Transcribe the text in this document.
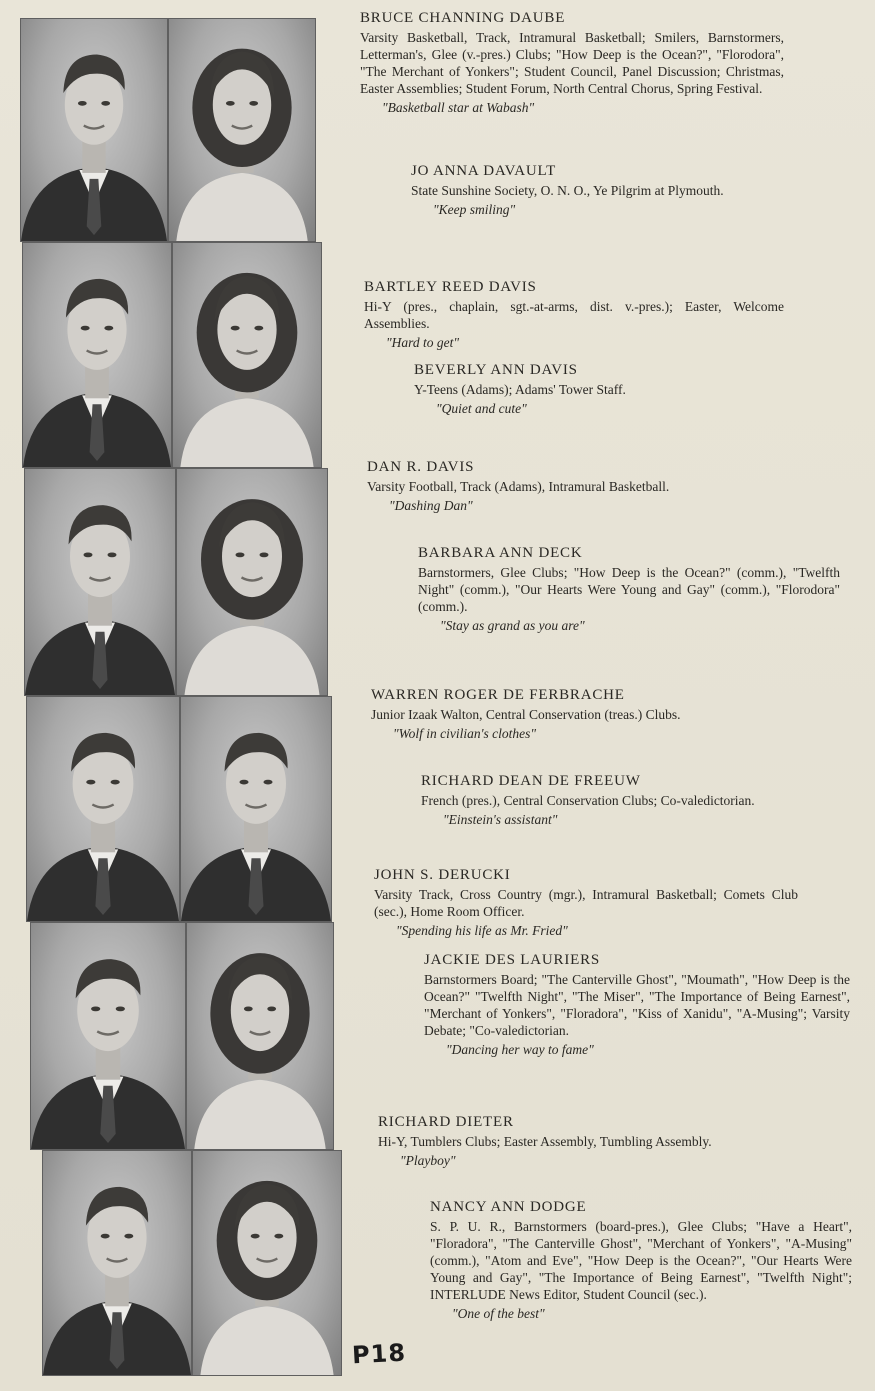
BRUCE CHANNING DAUBE

Varsity Basketball, Track, Intramural Basketball; Smilers, Barnstormers, Letterman's, Glee (v.-pres.) Clubs; "How Deep is the Ocean?", "Florodora", "The Merchant of Yonkers"; Student Council, Panel Discussion; Christmas, Easter Assemblies; Student Forum, North Central Chorus, Spring Festival.

"Basketball star at Wabash"
JO ANNA DAVAULT

State Sunshine Society, O. N. O., Ye Pilgrim at Plymouth.

"Keep smiling"
BARTLEY REED DAVIS

Hi-Y (pres., chaplain, sgt.-at-arms, dist. v.-pres.); Easter, Welcome Assemblies.

"Hard to get"
BEVERLY ANN DAVIS

Y-Teens (Adams); Adams' Tower Staff.

"Quiet and cute"
DAN R. DAVIS

Varsity Football, Track (Adams), Intramural Basketball.

"Dashing Dan"
BARBARA ANN DECK

Barnstormers, Glee Clubs; "How Deep is the Ocean?" (comm.), "Twelfth Night" (comm.), "Our Hearts Were Young and Gay" (comm.), "Florodora" (comm.).

"Stay as grand as you are"
WARREN ROGER DE FERBRACHE

Junior Izaak Walton, Central Conservation (treas.) Clubs.

"Wolf in civilian's clothes"
RICHARD DEAN DE FREEUW

French (pres.), Central Conservation Clubs; Co-valedictorian.

"Einstein's assistant"
JOHN S. DERUCKI

Varsity Track, Cross Country (mgr.), Intramural Basketball; Comets Club (sec.), Home Room Officer.

"Spending his life as Mr. Fried"
JACKIE DES LAURIERS

Barnstormers Board; "The Canterville Ghost", "Moumath", "How Deep is the Ocean?" "Twelfth Night", "The Miser", "The Importance of Being Earnest", "Merchant of Yonkers", "Floradora", "Kiss of Xanidu", "A-Musing"; Varsity Debate; "Co-valedictorian.

"Dancing her way to fame"
RICHARD DIETER

Hi-Y, Tumblers Clubs; Easter Assembly, Tumbling Assembly.

"Playboy"
NANCY ANN DODGE

S. P. U. R., Barnstormers (board-pres.), Glee Clubs; "Have a Heart", "Floradora", "The Canterville Ghost", "Merchant of Yonkers", "A-Musing" (comm.), "Atom and Eve", "How Deep is the Ocean?", "Our Hearts Were Young and Gay", "The Importance of Being Earnest", "Twelfth Night"; INTERLUDE News Editor, Student Council (sec.).

"One of the best"
P18
